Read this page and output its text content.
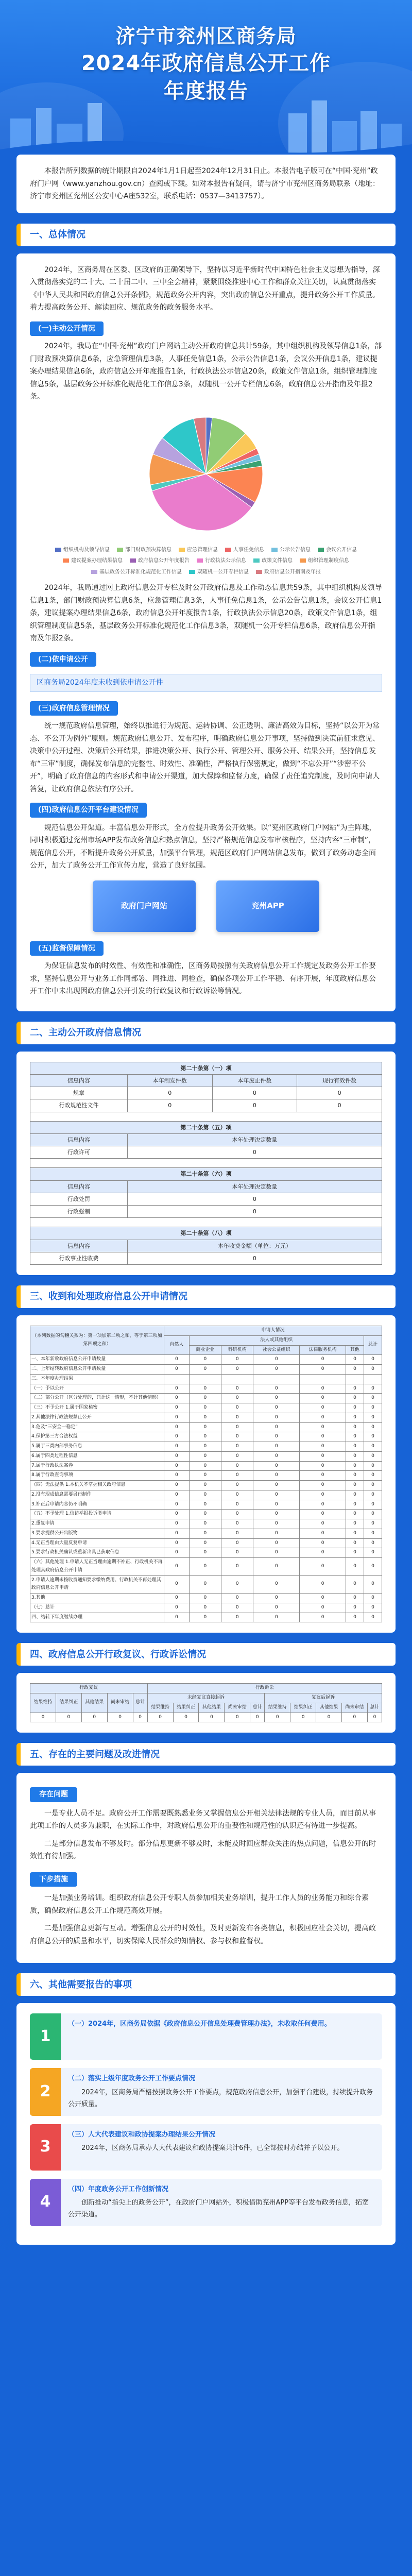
济宁市兖州区商务局
2024年政府信息公开工作
年度报告

本报告所列数据的统计期限自2024年1月1日起至2024年12月31日止。本报告电子版可在“中国·兖州”政府门户网（www.yanzhou.gov.cn）查阅或下载。如对本报告有疑问，请与济宁市兖州区商务局联系（地址：济宁市兖州区兖州区公安中心A座532室，联系电话：0537—3413757）。

一、总体情况

2024年，区商务局在区委、区政府的正确领导下，坚持以习近平新时代中国特色社会主义思想为指导，深入贯彻落实党的二十大、二十届二中、三中全会精神，紧紧围绕推进中心工作和群众关注关切，认真贯彻落实《中华人民共和国政府信息公开条例》，规范政务公开内容，突出政府信息公开重点，提升政务公开工作质量。着力提高政务公开、解读回应、规范政务的政务服务水平。

(一)主动公开情况

2024年，我局在“中国·兖州”政府门户网站主动公开政府信息共计59条，其中组织机构及领导信息1条，部门财政预决算信息6条，应急管理信息3条，人事任免信息1条，公示公告信息1条，会议公开信息1条，建议提案办理结果信息6条，政府信息公开年度报告1条，行政执法公示信息20条，政策文件信息1条，组织管理制度信息5条，基层政务公开标准化规范化工作信息3条，双随机一公开专栏信息6条，政府信息公开指南及年报2条。

组织机构及领导信息	部门财政预决算信息	应急管理信息	人事任免信息	公示公告信息	会议公开信息
建议提案办理结果信息	政府信息公开年度报告	行政执法公示信息	政策文件信息	组织管理制度信息
基层政务公开标准化规范化工作信息	双随机一公开专栏信息	政府信息公开指南及年报

2024年，我局通过网上政府信息公开专栏及时公开政府信息及工作动态信息共59条，其中组织机构及领导信息1条，部门财政预决算信息6条，应急管理信息3条，人事任免信息1条，公示公告信息1条，会议公开信息1条，建议提案办理结果信息6条，政府信息公开年度报告1条，行政执法公示信息20条，政策文件信息1条，组织管理制度信息5条，基层政务公开标准化规范化工作信息3条，双随机一公开专栏信息6条，政府信息公开指南及年报2条。

(二)依申请公开
区商务局2024年度未收到依申请公开件
(三)政府信息管理情况

统一规范政府信息管理，始终以推进行为规范、运转协调、公正透明、廉洁高效为目标，坚持“以公开为常态、不公开为例外”原则。规范政府信息公开、发布程序，明确政府信息公开事项，坚持做到决策前征求意见、决策中公开过程、决策后公开结果，推进决策公开、执行公开、管理公开、服务公开、结果公开，坚持信息发布“三审”制度，确保发布信息的完整性、时效性、准确性，严格执行保密规定，做到“不忘公开”“涉密不公开”，明确了政府信息的内容形式和申请公开渠道，加大保障和监督力度，确保了责任追究制度，及时向申请人答复，让政府信息依法有序公开。

(四)政府信息公开平台建设情况

规范信息公开渠道。丰富信息公开形式，全方位提升政务公开效果。以“兖州区政府门户网站”为主阵地，同时积极通过兖州市场APP发布政务信息和热点信息，坚持严格规范信息发布审核程序，坚持内容“三审制”，规范信息公开，不断提升政务公开质量，加强平台管理，规范区政府门户网站信息发布，做到了政务动态全面公开，加大了政务公开工作宣传力度，营造了良好氛围。

政府门户网站	兖州APP
(五)监督保障情况

为保证信息发布的时效性、有效性和准确性，区商务局按照有关政府信息公开工作规定及政务公开工作要求，坚持信息公开与业务工作同部署、同推进、同检查，确保各项公开工作平稳、有序开展，年度政府信息公开工作中未出现因政府信息公开引发的行政复议和行政诉讼等情况。

二、主动公开政府信息情况
第二十条第（一）项			
信息内容	本年制发件数	本年废止件数	现行有效件数
规章	0	0	0
行政规范性文件	0	0	0

第二十条第（五）项			
信息内容	本年处理决定数量		
行政许可	0		

第二十条第（六）项			
信息内容	本年处理决定数量		
行政处罚	0		
行政强制	0		

第二十条第（八）项			
信息内容	本年收费金额（单位：万元）		
行政事业性收费	0		
三、收到和处理政府信息公开申请情况
（本列数据的勾稽关系为：第一项加第二项之和，等于第三项加第四项之和）	申请人情况						
	自然人	法人或其他组织					总计
		商业企业	科研机构	社会公益组织	法律服务机构	其他	
一、本年新收政府信息公开申请数量	0	0	0	0	0	0	0
二、上年结转政府信息公开申请数量	0	0	0	0	0	0	0
三、本年度办理结果							
（一）予以公开	0	0	0	0	0	0	0
（二）部分公开（区分处理的，只计这一情形，不计其他情形）	0	0	0	0	0	0	0
（三）不予公开 1.属于国家秘密	0	0	0	0	0	0	0
2.其他法律行政法规禁止公开	0	0	0	0	0	0	0
3.危及“三安全一稳定”	0	0	0	0	0	0	0
4.保护第三方合法权益	0	0	0	0	0	0	0
5.属于三类内部事务信息	0	0	0	0	0	0	0
6.属于四类过程性信息	0	0	0	0	0	0	0
7.属于行政执法案卷	0	0	0	0	0	0	0
8.属于行政查询事项	0	0	0	0	0	0	0
（四）无法提供 1.本机关不掌握相关政府信息	0	0	0	0	0	0	0
2.没有现成信息需要另行制作	0	0	0	0	0	0	0
3.补正后申请内容仍不明确	0	0	0	0	0	0	0
（五）不予处理 1.信访举报投诉类申请	0	0	0	0	0	0	0
2.重复申请	0	0	0	0	0	0	0
3.要求提供公开出版物	0	0	0	0	0	0	0
4.无正当理由大量反复申请	0	0	0	0	0	0	0
5.要求行政机关确认或重新出具已获取信息	0	0	0	0	0	0	0
（六）其他处理 1.申请人无正当理由逾期不补正、行政机关不再处理其政府信息公开申请	0	0	0	0	0	0	0
2.申请人逾期未按收费通知要求缴纳费用、行政机关不再处理其政府信息公开申请	0	0	0	0	0	0	0
3.其他	0	0	0	0	0	0	0
（七）总计	0	0	0	0	0	0	0
四、结转下年度继续办理	0	0	0	0	0	0	0
四、政府信息公开行政复议、行政诉讼情况
行政复议					行政诉讼									
结果维持	结果纠正	其他结果	尚未审结	总计	未经复议直接起诉					复议后起诉				
					结果维持	结果纠正	其他结果	尚未审结	总计	结果维持	结果纠正	其他结果	尚未审结	总计
0	0	0	0	0	0	0	0	0	0	0	0	0	0	0
五、存在的主要问题及改进情况
存在问题

一是专业人员不足。政府公开工作需要既熟悉业务又掌握信息公开相关法律法规的专业人员，而目前从事此项工作的人员多为兼职，在实际工作中，对政府信息公开的重要性和规范性的认识还有待进一步提高。

二是部分信息发布不够及时。部分信息更新不够及时，未能及时回应群众关注的热点问题，信息公开的时效性有待加强。

下步措施

一是加强业务培训。组织政府信息公开专职人员参加相关业务培训，提升工作人员的业务能力和综合素质，确保政府信息公开工作规范高效开展。

二是加强信息更新与互动。增强信息公开的时效性，及时更新发布各类信息，积极回应社会关切，提高政府信息公开的质量和水平，切实保障人民群众的知情权、参与权和监督权。

六、其他需要报告的事项
1
（一）2024年，区商务局依据《政府信息公开信息处理费管理办法》，未收取任何费用。

2
（二）落实上级年度政务公开工作要点情况

2024年，区商务局严格按照政务公开工作要点，规范政府信息公开，加强平台建设，持续提升政务公开质量。

3
（三）人大代表建议和政协提案办理结果公开情况

2024年，区商务局承办人大代表建议和政协提案共计6件，已全部按时办结并予以公开。

4
（四）年度政务公开工作创新情况

创新推动“指尖上的政务公开”，在政府门户网站外，积极借助兖州APP等平台发布政务信息，拓宽公开渠道。
